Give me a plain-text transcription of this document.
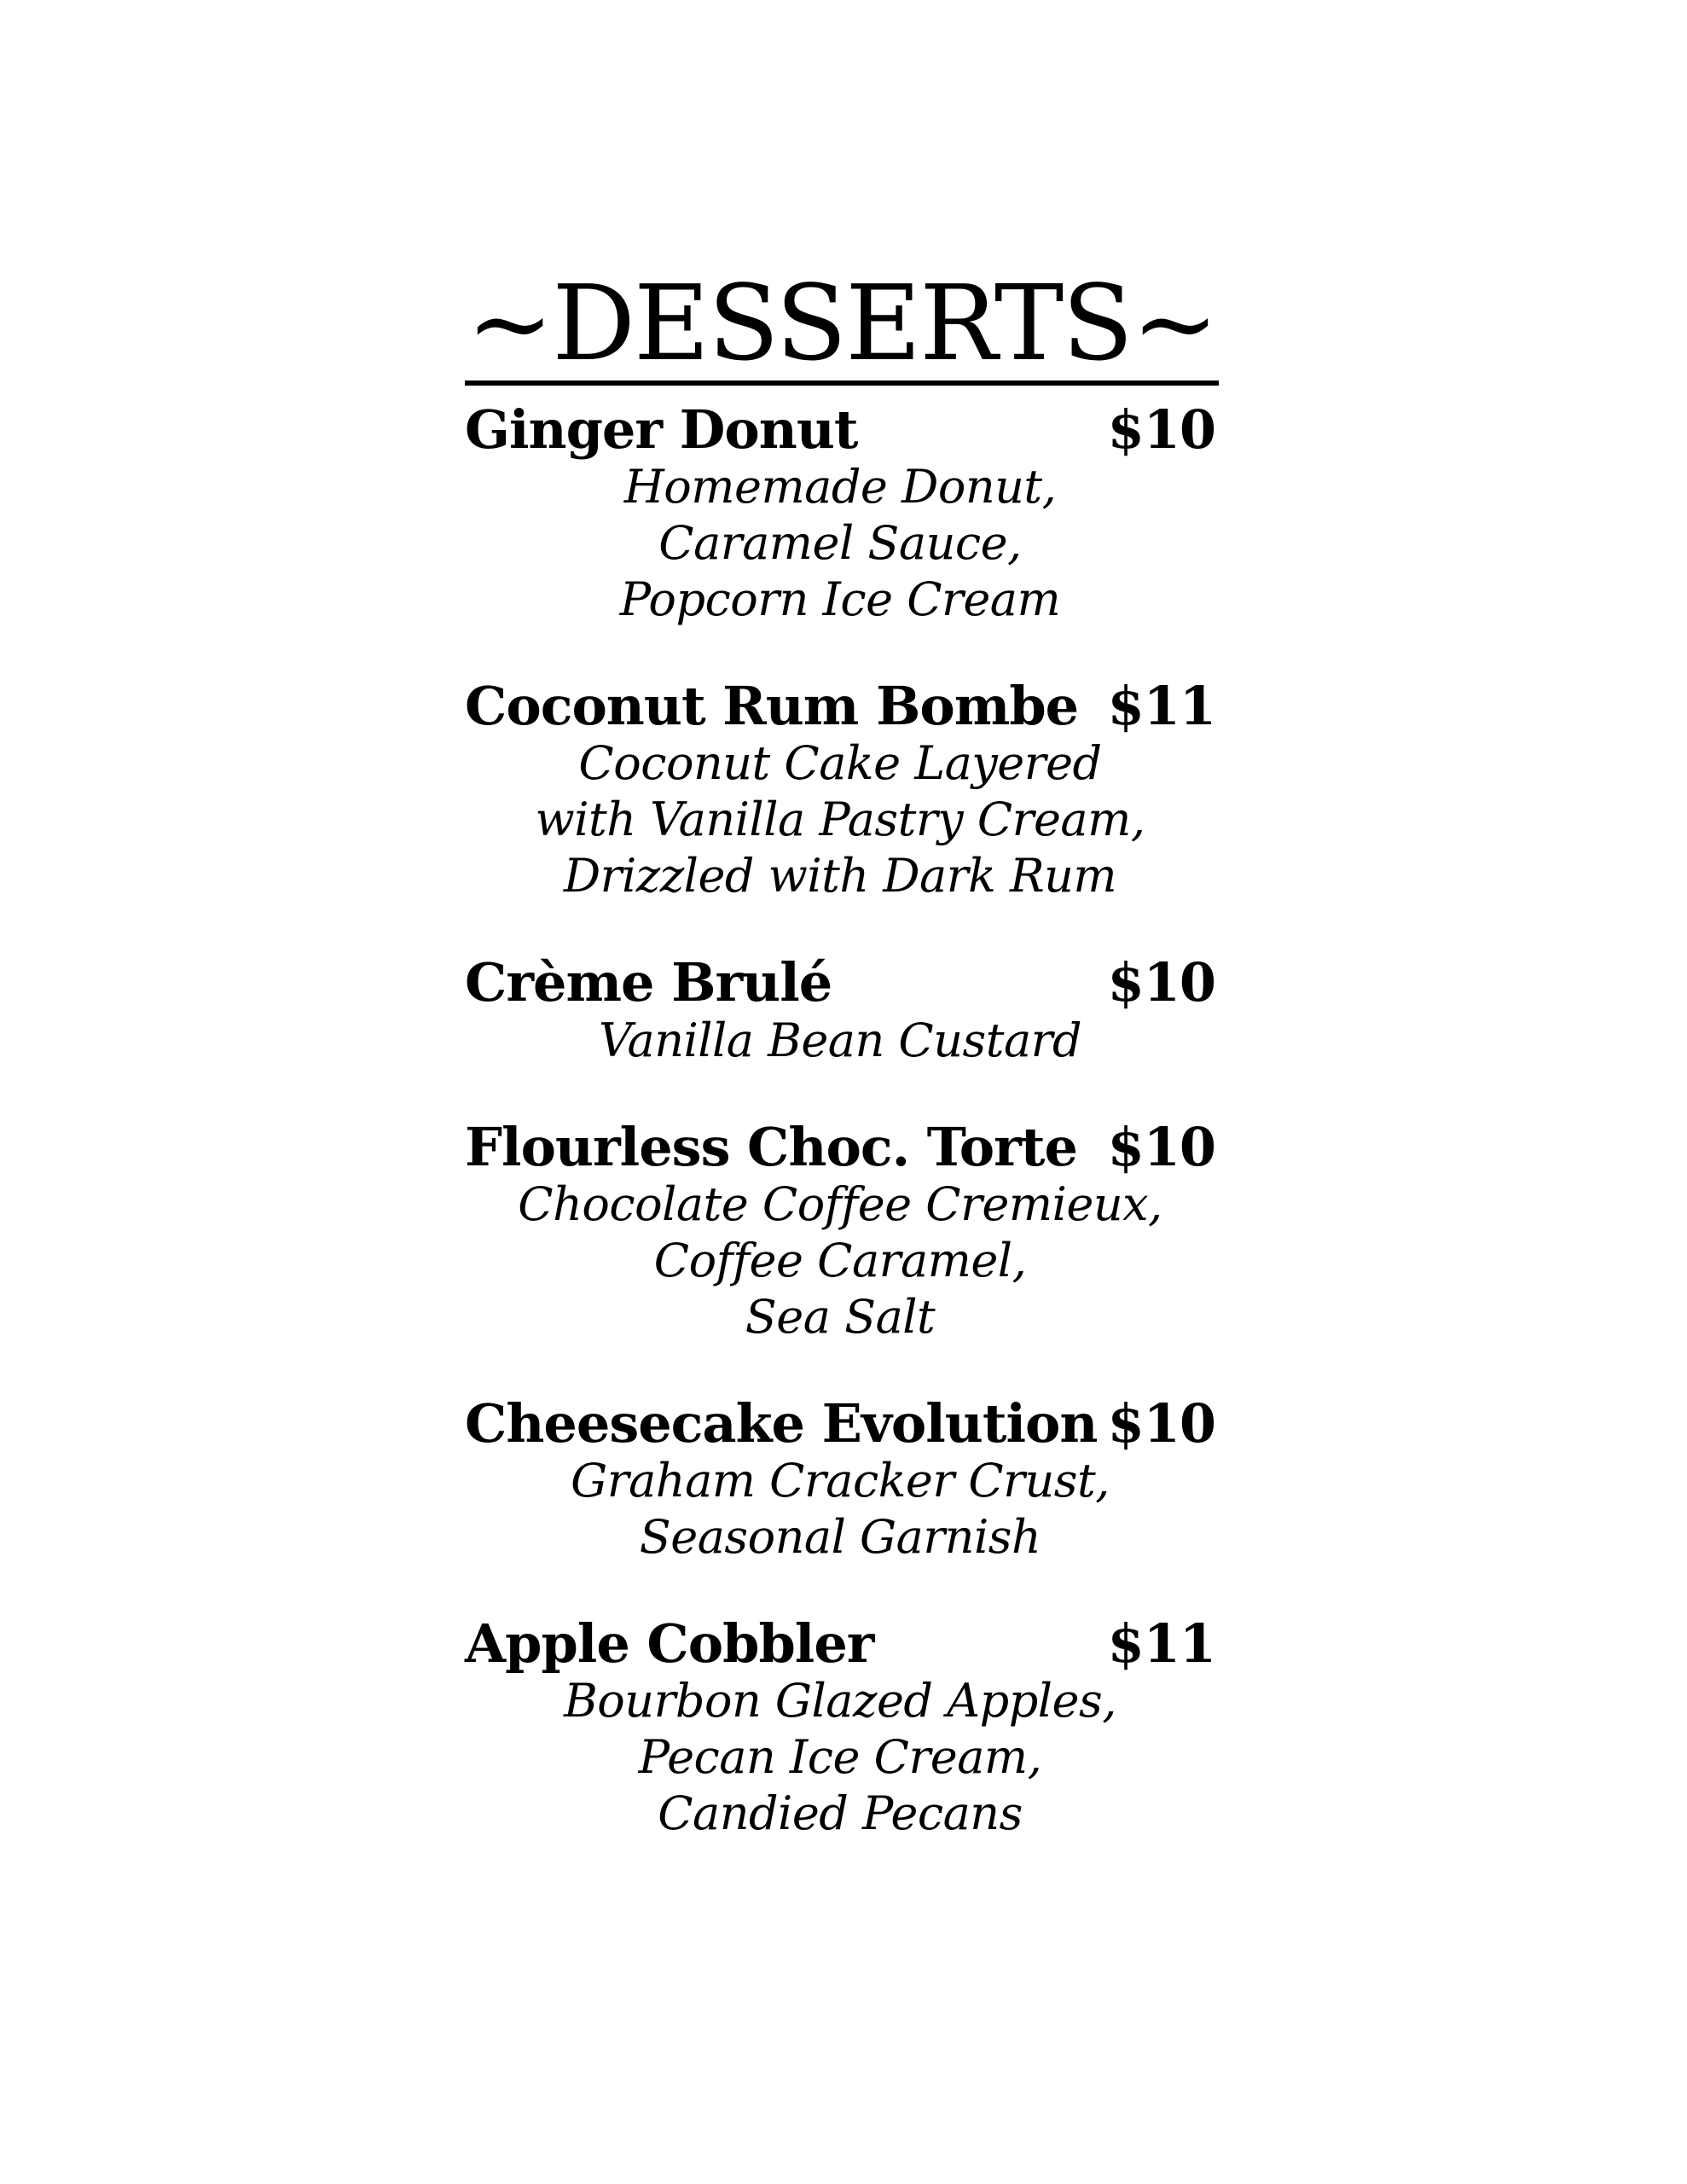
~DESSERTS~
Ginger Donut	$10
Homemade Donut,
Caramel Sauce,
Popcorn Ice Cream
Coconut Rum Bombe $11
Coconut Cake Layered
with Vanilla Pastry Cream,
Drizzled with Dark Rum
Crème Brulé	$10
Vanilla Bean Custard
Flourless Choc. Torte $10
Chocolate Coffee Cremieux,
Coffee Caramel,
Sea Salt
Cheesecake Evolution $10
Graham Cracker Crust,
Seasonal Garnish
Apple Cobbler	$11
Bourbon Glazed Apples,
Pecan Ice Cream,
Candied Pecans
